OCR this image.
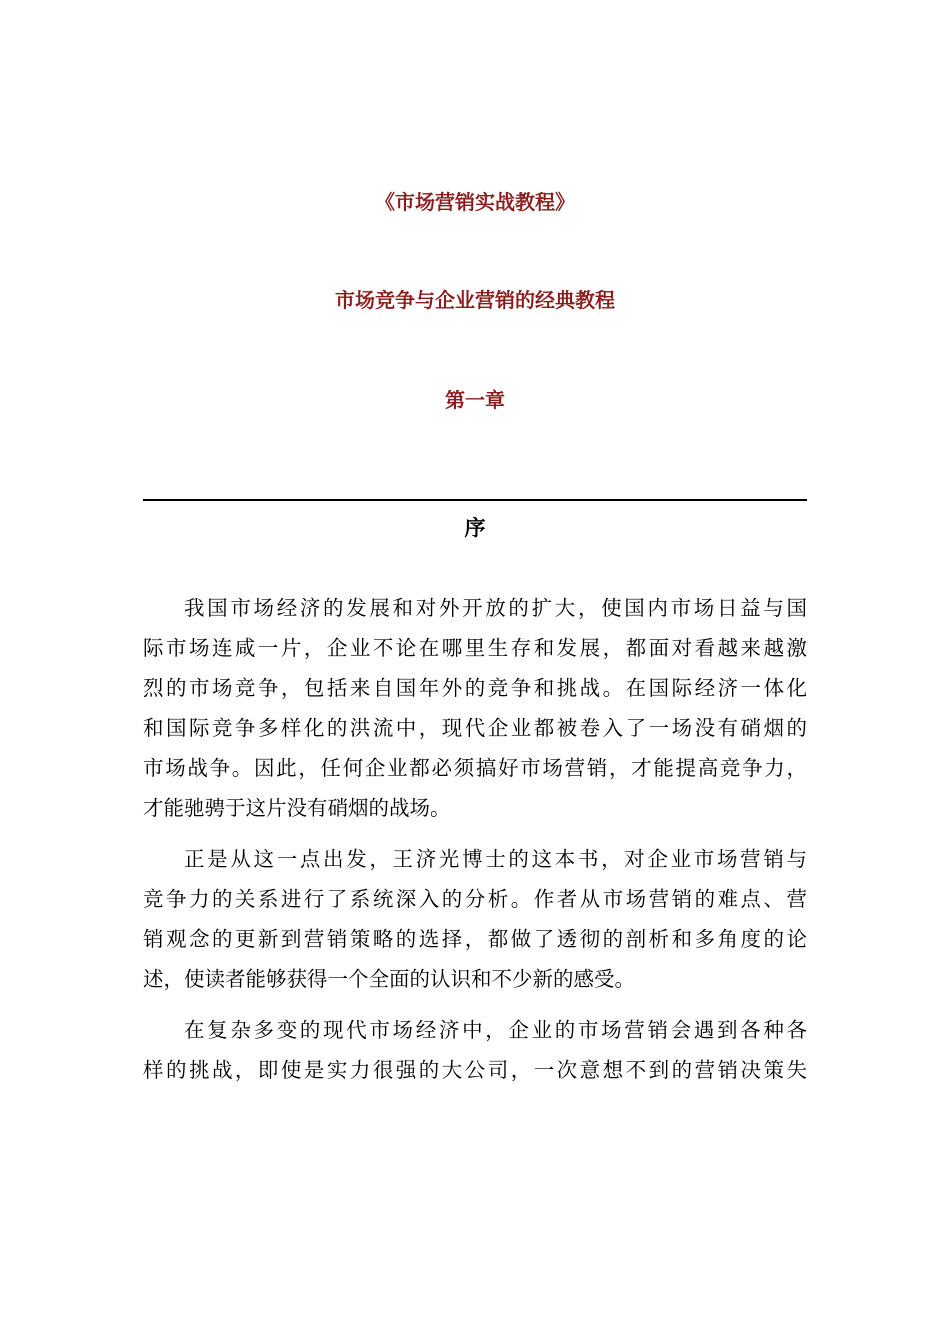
《市场营销实战教程》
市场竞争与企业营销的经典教程
第一章
序
我国市场经济的发展和对外开放的扩大，使国内市场日益与国
际市场连咸一片，企业不论在哪里生存和发展，都面对看越来越激
烈的市场竞争，包括来自国年外的竞争和挑战。在国际经济一体化
和国际竞争多样化的洪流中，现代企业都被卷入了一场没有硝烟的
市场战争。因此，任何企业都必须搞好市场营销，才能提高竞争力，
才能驰骋于这片没有硝烟的战场。
正是从这一点出发，王济光博士的这本书，对企业市场营销与
竞争力的关系进行了系统深入的分析。作者从市场营销的难点、营
销观念的更新到营销策略的选择，都做了透彻的剖析和多角度的论
述，使读者能够获得一个全面的认识和不少新的感受。
在复杂多变的现代市场经济中，企业的市场营销会遇到各种各
样的挑战，即使是实力很强的大公司，一次意想不到的营销决策失
